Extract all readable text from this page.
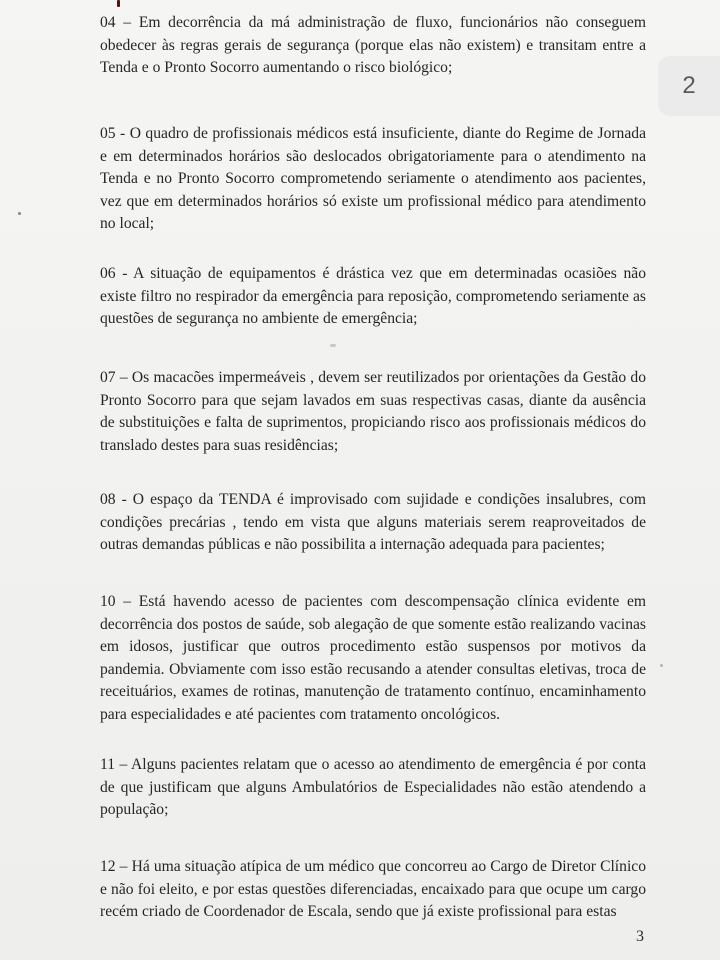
04 – Em decorrência da má administração de fluxo, funcionários não conseguem obedecer às regras gerais de segurança (porque elas não existem) e transitam entre a Tenda e o Pronto Socorro aumentando o risco biológico;

05 - O quadro de profissionais médicos está insuficiente, diante do Regime de Jornada e em determinados horários são deslocados obrigatoriamente para o atendimento na Tenda e no Pronto Socorro comprometendo seriamente o atendimento aos pacientes, vez que em determinados horários só existe um profissional médico para atendimento no local;

06 - A situação de equipamentos é drástica vez que em determinadas ocasiões não existe filtro no respirador da emergência para reposição, comprometendo seriamente as questões de segurança no ambiente de emergência;

07 – Os macacões impermeáveis , devem ser reutilizados por orientações da Gestão do Pronto Socorro para que sejam lavados em suas respectivas casas, diante da ausência de substituições e falta de suprimentos, propiciando risco aos profissionais médicos do translado destes para suas residências;

08 - O espaço da TENDA é improvisado com sujidade e condições insalubres, com condições precárias , tendo em vista que alguns materiais serem reaproveitados de outras demandas públicas e não possibilita a internação adequada para pacientes;

10 – Está havendo acesso de pacientes com descompensação clínica evidente em decorrência dos postos de saúde, sob alegação de que somente estão realizando vacinas em idosos, justificar que outros procedimento estão suspensos por motivos da pandemia. Obviamente com isso estão recusando a atender consultas eletivas, troca de receituários, exames de rotinas, manutenção de tratamento contínuo, encaminhamento para especialidades e até pacientes com tratamento oncológicos.

11 – Alguns pacientes relatam que o acesso ao atendimento de emergência é por conta de que justificam que alguns Ambulatórios de Especialidades não estão atendendo a população;

12 – Há uma situação atípica de um médico que concorreu ao Cargo de Diretor Clínico e não foi eleito, e por estas questões diferenciadas, encaixado para que ocupe um cargo recém criado de Coordenador de Escala, sendo que já existe profissional para estas

3
2
